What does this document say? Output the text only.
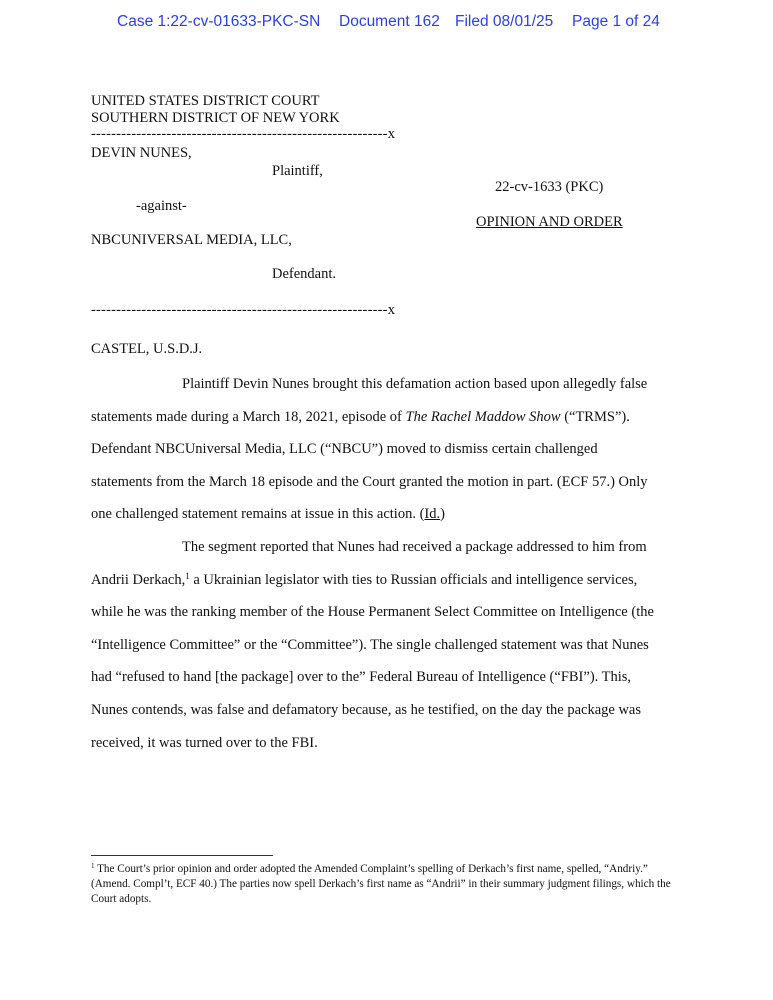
Case 1:22-cv-01633-PKC-SN Document 162 Filed 08/01/25 Page 1 of 24
UNITED STATES DISTRICT COURT
SOUTHERN DISTRICT OF NEW YORK
-----------------------------------------------------------x
DEVIN NUNES,
Plaintiff,
22-cv-1633 (PKC)
-against-
OPINION AND ORDER
NBCUNIVERSAL MEDIA, LLC,
Defendant.
-----------------------------------------------------------x
CASTEL, U.S.D.J.

Plaintiff Devin Nunes brought this defamation action based upon allegedly false statements made during a March 18, 2021, episode of The Rachel Maddow Show (“TRMS”). Defendant NBCUniversal Media, LLC (“NBCU”) moved to dismiss certain challenged statements from the March 18 episode and the Court granted the motion in part. (ECF 57.) Only one challenged statement remains at issue in this action. (Id.)

The segment reported that Nunes had received a package addressed to him from Andrii Derkach,$^1$ a Ukrainian legislator with ties to Russian officials and intelligence services, while he was the ranking member of the House Permanent Select Committee on Intelligence (the “Intelligence Committee” or the “Committee”). The single challenged statement was that Nunes had “refused to hand [the package] over to the” Federal Bureau of Intelligence (“FBI”). This, Nunes contends, was false and defamatory because, as he testified, on the day the package was received, it was turned over to the FBI.

$^1$ The Court’s prior opinion and order adopted the Amended Complaint’s spelling of Derkach’s first name, spelled, “Andriy.” (Amend. Compl’t, ECF 40.) The parties now spell Derkach’s first name as “Andrii” in their summary judgment filings, which the Court adopts.
